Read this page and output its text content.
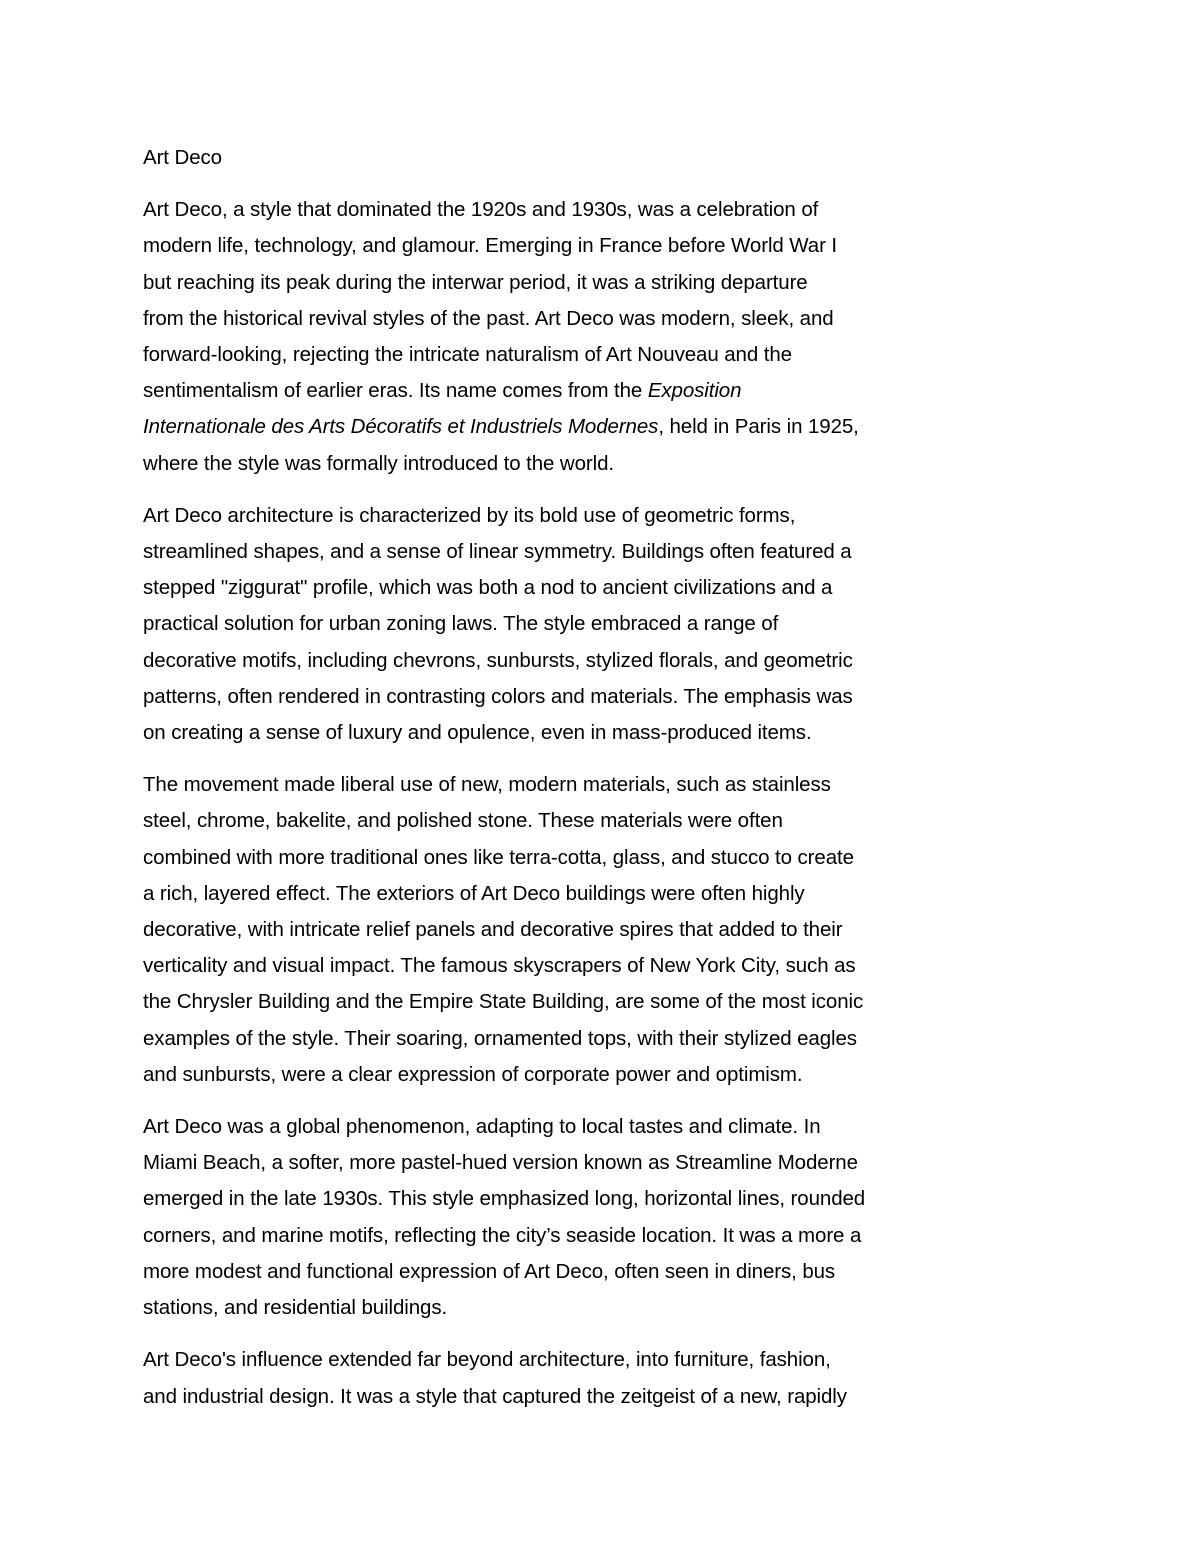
Art Deco
Art Deco, a style that dominated the 1920s and 1930s, was a celebration of
modern life, technology, and glamour. Emerging in France before World War I
but reaching its peak during the interwar period, it was a striking departure
from the historical revival styles of the past. Art Deco was modern, sleek, and
forward-looking, rejecting the intricate naturalism of Art Nouveau and the
sentimentalism of earlier eras. Its name comes from the Exposition
Internationale des Arts Décoratifs et Industriels Modernes, held in Paris in 1925,
where the style was formally introduced to the world.
Art Deco architecture is characterized by its bold use of geometric forms,
streamlined shapes, and a sense of linear symmetry. Buildings often featured a
stepped "ziggurat" profile, which was both a nod to ancient civilizations and a
practical solution for urban zoning laws. The style embraced a range of
decorative motifs, including chevrons, sunbursts, stylized florals, and geometric
patterns, often rendered in contrasting colors and materials. The emphasis was
on creating a sense of luxury and opulence, even in mass-produced items.
The movement made liberal use of new, modern materials, such as stainless
steel, chrome, bakelite, and polished stone. These materials were often
combined with more traditional ones like terra-cotta, glass, and stucco to create
a rich, layered effect. The exteriors of Art Deco buildings were often highly
decorative, with intricate relief panels and decorative spires that added to their
verticality and visual impact. The famous skyscrapers of New York City, such as
the Chrysler Building and the Empire State Building, are some of the most iconic
examples of the style. Their soaring, ornamented tops, with their stylized eagles
and sunbursts, were a clear expression of corporate power and optimism.
Art Deco was a global phenomenon, adapting to local tastes and climate. In
Miami Beach, a softer, more pastel-hued version known as Streamline Moderne
emerged in the late 1930s. This style emphasized long, horizontal lines, rounded
corners, and marine motifs, reflecting the city’s seaside location. It was a more a
more modest and functional expression of Art Deco, often seen in diners, bus
stations, and residential buildings.
Art Deco's influence extended far beyond architecture, into furniture, fashion,
and industrial design. It was a style that captured the zeitgeist of a new, rapidly
